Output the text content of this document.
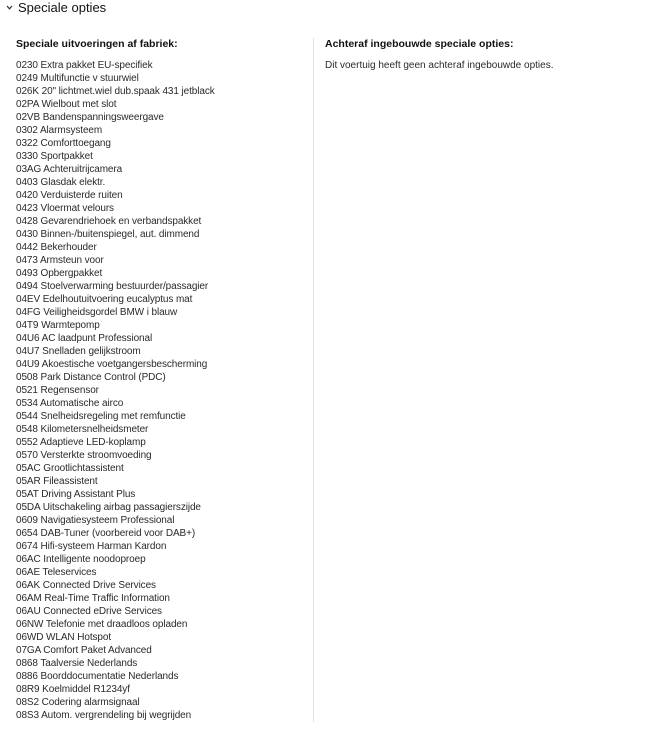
Speciale opties
Speciale uitvoeringen af fabriek:
0230 Extra pakket EU-specifiek
0249 Multifunctie v stuurwiel
026K 20" lichtmet.wiel dub.spaak 431 jetblack
02PA Wielbout met slot
02VB Bandenspanningsweergave
0302 Alarmsysteem
0322 Comforttoegang
0330 Sportpakket
03AG Achteruitrijcamera
0403 Glasdak elektr.
0420 Verduisterde ruiten
0423 Vloermat velours
0428 Gevarendriehoek en verbandspakket
0430 Binnen-/buitenspiegel, aut. dimmend
0442 Bekerhouder
0473 Armsteun voor
0493 Opbergpakket
0494 Stoelverwarming bestuurder/passagier
04EV Edelhoutuitvoering eucalyptus mat
04FG Veiligheidsgordel BMW i blauw
04T9 Warmtepomp
04U6 AC laadpunt Professional
04U7 Snelladen gelijkstroom
04U9 Akoestische voetgangersbescherming
0508 Park Distance Control (PDC)
0521 Regensensor
0534 Automatische airco
0544 Snelheidsregeling met remfunctie
0548 Kilometersnelheidsmeter
0552 Adaptieve LED-koplamp
0570 Versterkte stroomvoeding
05AC Grootlichtassistent
05AR Fileassistent
05AT Driving Assistant Plus
05DA Uitschakeling airbag passagierszijde
0609 Navigatiesysteem Professional
0654 DAB-Tuner (voorbereid voor DAB+)
0674 Hifi-systeem Harman Kardon
06AC Intelligente noodoproep
06AE Teleservices
06AK Connected Drive Services
06AM Real-Time Traffic Information
06AU Connected eDrive Services
06NW Telefonie met draadloos opladen
06WD WLAN Hotspot
07GA Comfort Paket Advanced
0868 Taalversie Nederlands
0886 Boorddocumentatie Nederlands
08R9 Koelmiddel R1234yf
08S2 Codering alarmsignaal
08S3 Autom. vergrendeling bij wegrijden
Achteraf ingebouwde speciale opties:
Dit voertuig heeft geen achteraf ingebouwde opties.
